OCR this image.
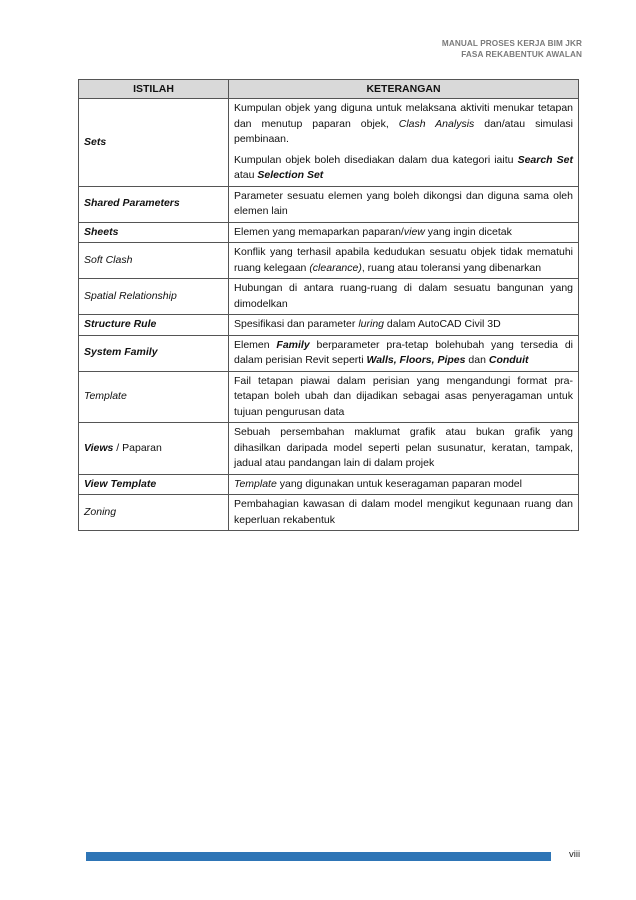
MANUAL PROSES KERJA BIM JKR
FASA REKABENTUK AWALAN
ISTILAH	KETERANGAN
Sets	Kumpulan objek yang diguna untuk melaksana aktiviti menukar tetapan dan menutup paparan objek, Clash Analysis dan/atau simulasi pembinaan.
Kumpulan objek boleh disediakan dalam dua kategori iaitu Search Set atau Selection Set

Shared Parameters	Parameter sesuatu elemen yang boleh dikongsi dan diguna sama oleh elemen lain
Sheets	Elemen yang memaparkan paparan/view yang ingin dicetak
Soft Clash	Konflik yang terhasil apabila kedudukan sesuatu objek tidak mematuhi ruang kelegaan (clearance), ruang atau toleransi yang dibenarkan
Spatial Relationship	Hubungan di antara ruang-ruang di dalam sesuatu bangunan yang dimodelkan
Structure Rule	Spesifikasi dan parameter luring dalam AutoCAD Civil 3D
System Family	Elemen Family berparameter pra-tetap bolehubah yang tersedia di dalam perisian Revit seperti Walls, Floors, Pipes dan Conduit
Template	Fail tetapan piawai dalam perisian yang mengandungi format pra-tetapan boleh ubah dan dijadikan sebagai asas penyeragaman untuk tujuan pengurusan data
Views / Paparan	Sebuah persembahan maklumat grafik atau bukan grafik yang dihasilkan daripada model seperti pelan susunatur, keratan, tampak, jadual atau pandangan lain di dalam projek
View Template	Template yang digunakan untuk keseragaman paparan model
Zoning	Pembahagian kawasan di dalam model mengikut kegunaan ruang dan keperluan rekabentuk
viii
